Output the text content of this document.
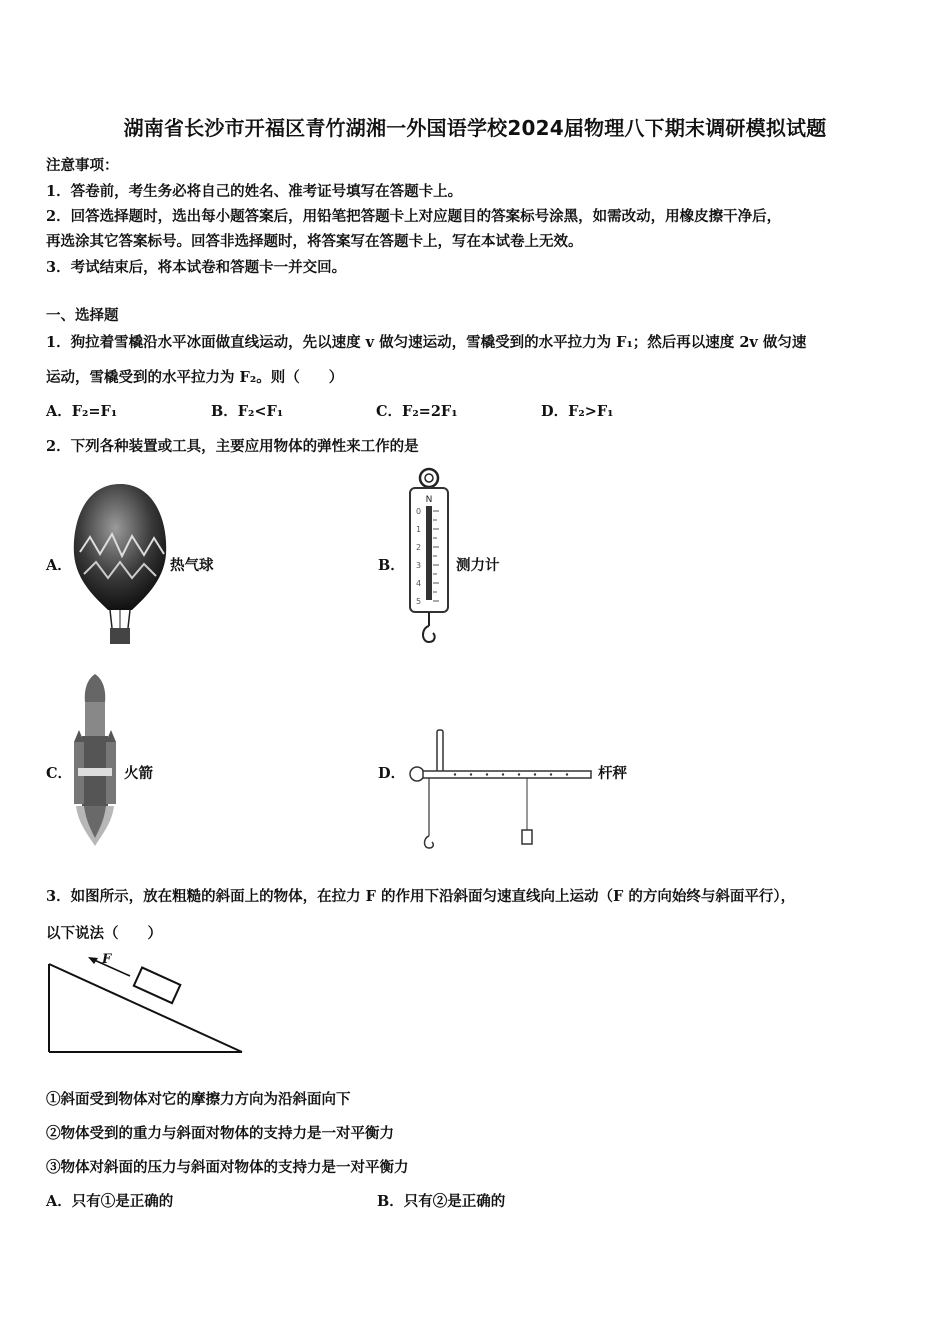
湖南省长沙市开福区青竹湖湘一外国语学校2024届物理八下期末调研模拟试题
注意事项：
1．答卷前，考生务必将自己的姓名、准考证号填写在答题卡上。
2．回答选择题时，选出每小题答案后，用铅笔把答题卡上对应题目的答案标号涂黑，如需改动，用橡皮擦干净后，
再选涂其它答案标号。回答非选择题时，将答案写在答题卡上，写在本试卷上无效。
3．考试结束后，将本试卷和答题卡一并交回。
一、选择题
1．狗拉着雪橇沿水平冰面做直线运动，先以速度 v 做匀速运动，雪橇受到的水平拉力为 F₁；然后再以速度 2v 做匀速
运动，雪橇受到的水平拉力为 F₂。则（　　）
A．F₂=F₁	B．F₂<F₁	C．F₂=2F₁	D．F₂>F₁
2．下列各种装置或工具，主要应用物体的弹性来工作的是
A．	热气球	B．
N
0
1
2
3
4
5
测力计
C．	火箭	D．	杆秤
3．如图所示，放在粗糙的斜面上的物体，在拉力 F 的作用下沿斜面匀速直线向上运动（F 的方向始终与斜面平行），
以下说法（　　）
F
①斜面受到物体对它的摩擦力方向为沿斜面向下
②物体受到的重力与斜面对物体的支持力是一对平衡力
③物体对斜面的压力与斜面对物体的支持力是一对平衡力
A．只有①是正确的	B．只有②是正确的
